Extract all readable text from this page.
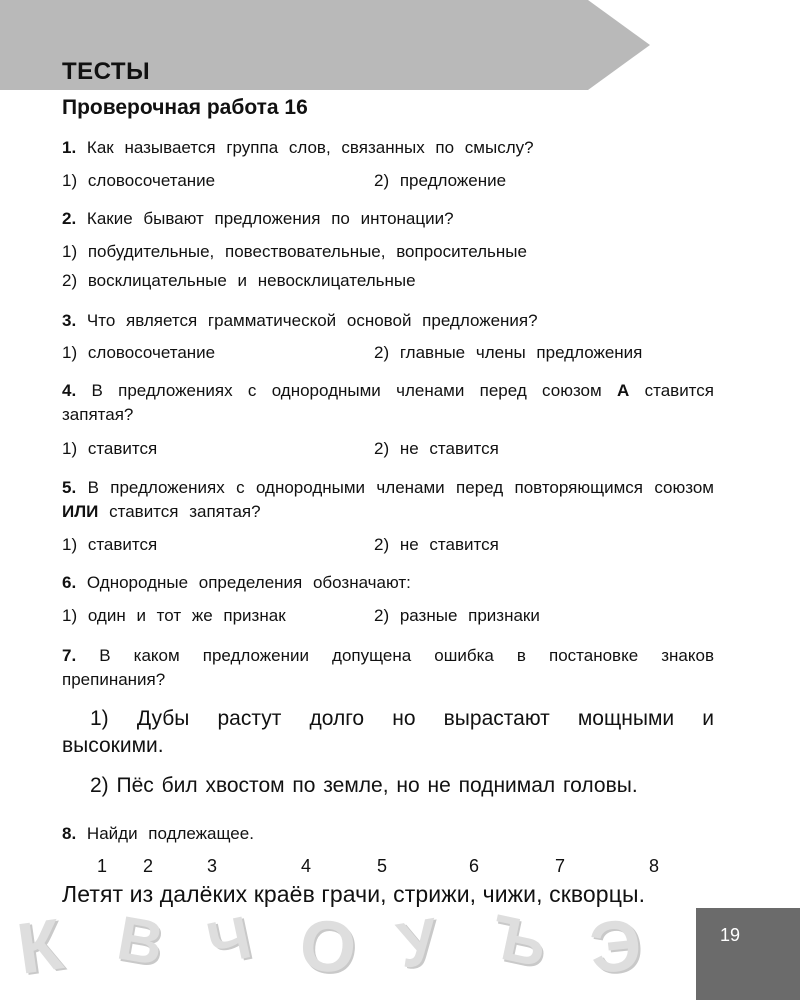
ТЕСТЫ
Проверочная работа 16
1. Как называется группа слов, связанных по смыслу?
1) словосочетание	2) предложение
2. Какие бывают предложения по интонации?
1) побудительные, повествовательные, вопросительные
2) восклицательные и невосклицательные
3. Что является грамматической основой предложения?
1) словосочетание	2) главные члены предложения
4. В предложениях с однородными членами перед союзом А ставится запятая?
1) ставится	2) не ставится
5. В предложениях с однородными членами перед повторяющимся союзом ИЛИ ставится запятая?
1) ставится	2) не ставится
6. Однородные определения обозначают:
1) один и тот же признак	2) разные признаки
7. В каком предложении допущена ошибка в постановке знаков препинания?
1) Дубы растут долго но вырастают мощными и высокими.
2) Пёс бил хвостом по земле, но не поднимал головы.
8. Найди подлежащее.
1 2	3	4	5	6	7	8
Летят из далёких краёв грачи, стрижи, чижи, скворцы.
К В Ч О У Ъ Э	19
